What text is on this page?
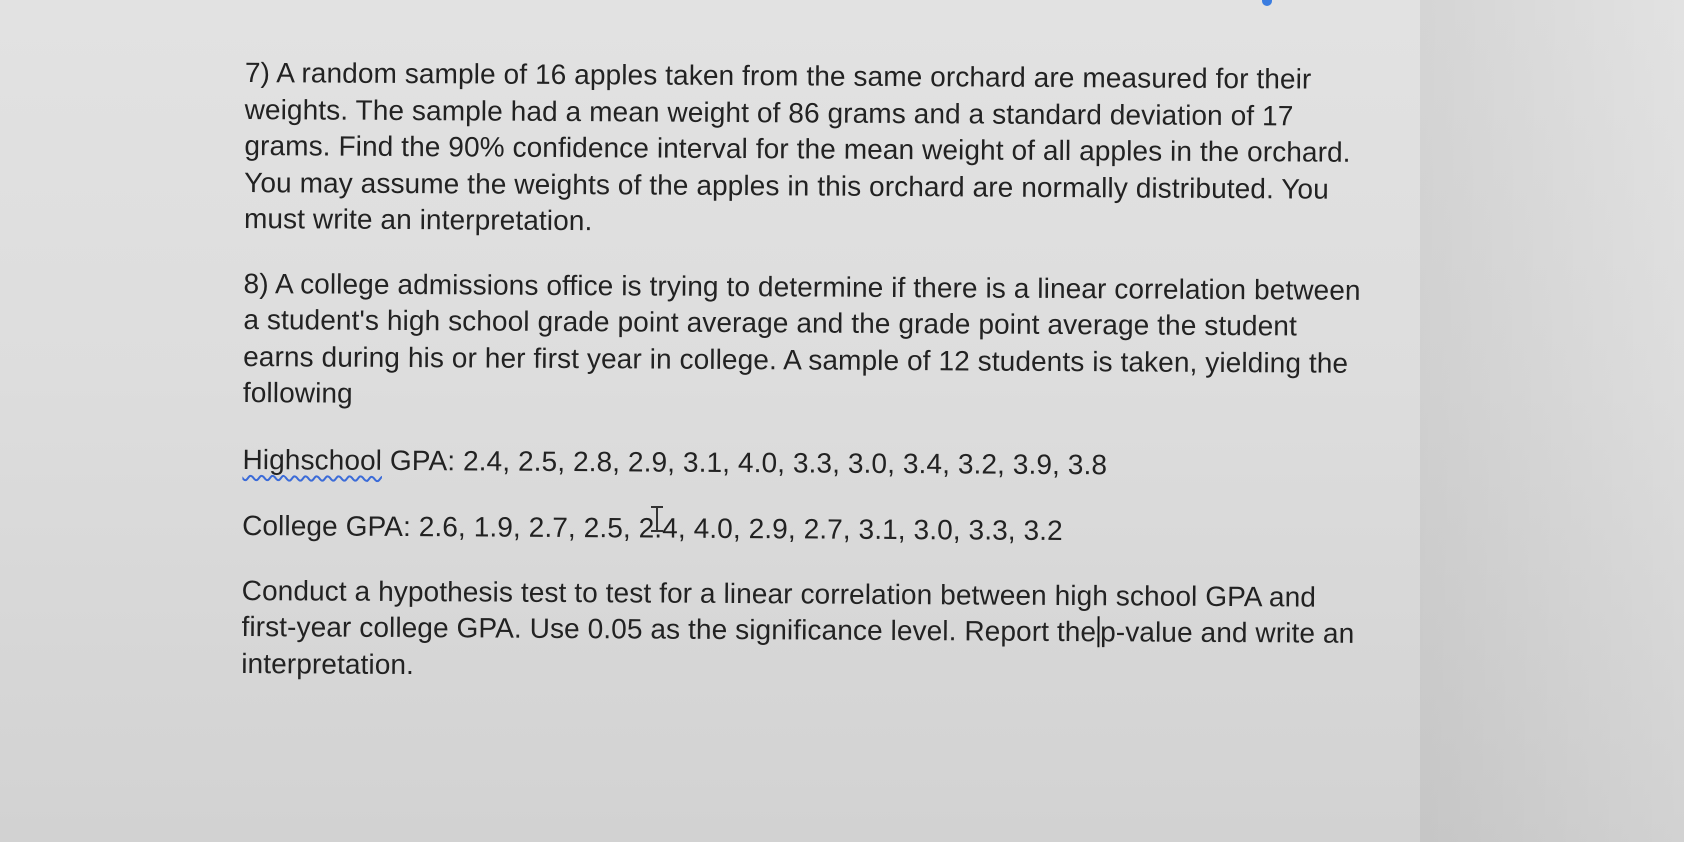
7) A random sample of 16 apples taken from the same orchard are measured for their weights. The sample had a mean weight of 86 grams and a standard deviation of 17 grams. Find the 90% confidence interval for the mean weight of all apples in the orchard. You may assume the weights of the apples in this orchard are normally distributed. You must write an interpretation.
8) A college admissions office is trying to determine if there is a linear correlation between a student's high school grade point average and the grade point average the student earns during his or her first year in college. A sample of 12 students is taken, yielding the following
Highschool GPA: 2.4, 2.5, 2.8, 2.9, 3.1, 4.0, 3.3, 3.0, 3.4, 3.2, 3.9, 3.8
College GPA: 2.6, 1.9, 2.7, 2.5, 2.4, 4.0, 2.9, 2.7, 3.1, 3.0, 3.3, 3.2
Conduct a hypothesis test to test for a linear correlation between high school GPA and first-year college GPA. Use 0.05 as the significance level. Report the p-value and write an interpretation.
